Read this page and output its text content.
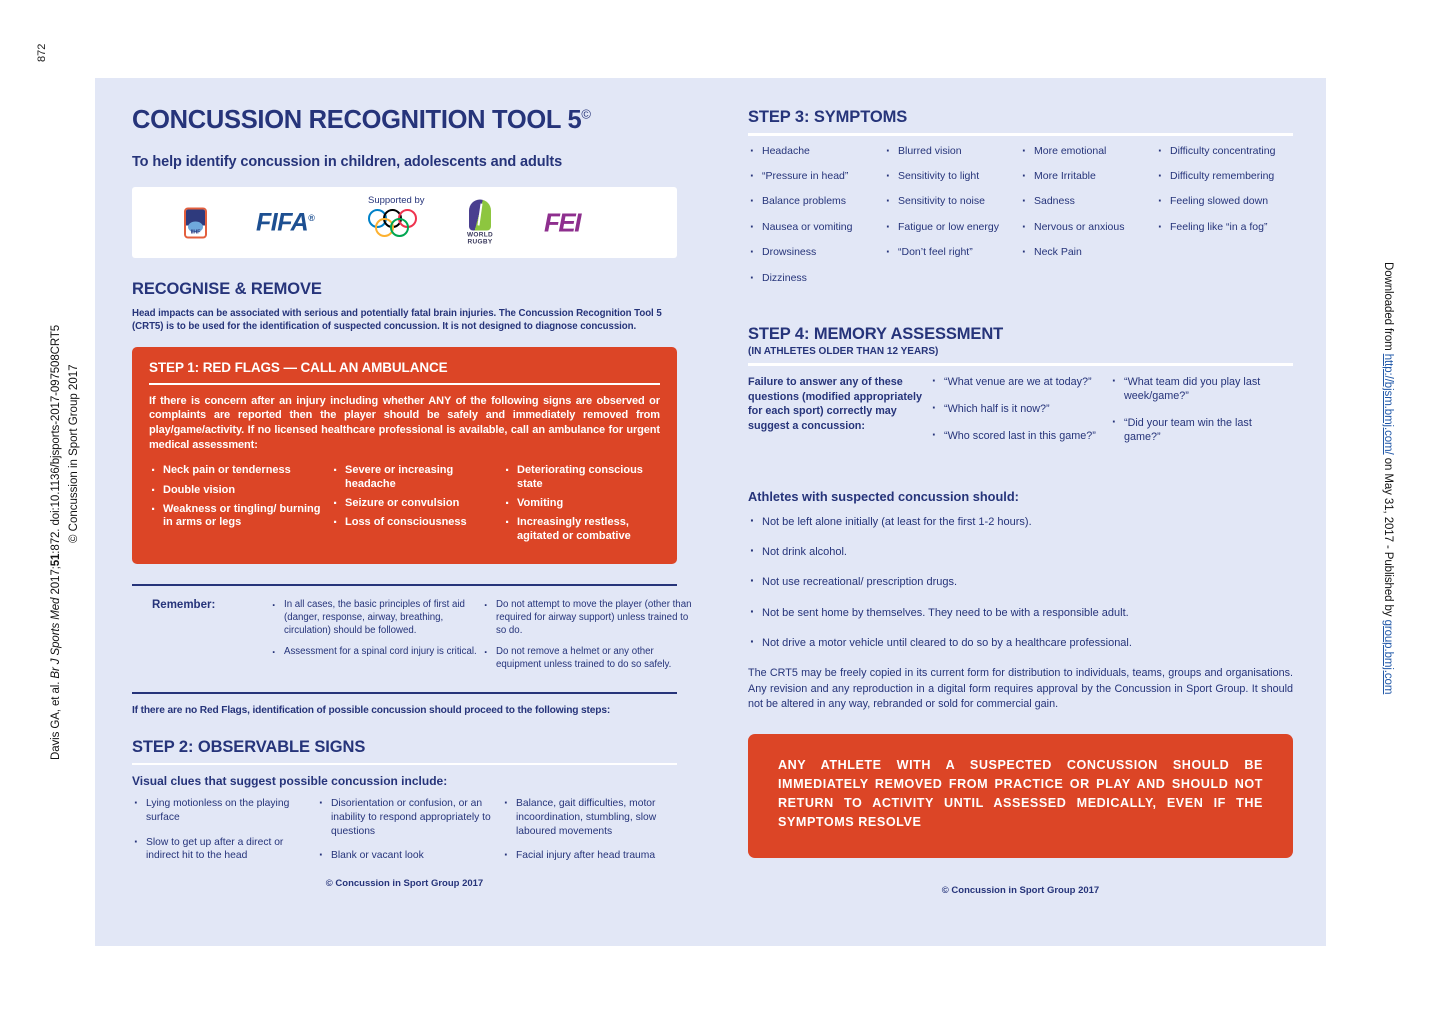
872
Davis GA, et al. Br J Sports Med 2017;51:872. doi:10.1136/bjsports-2017-097508CRT5 © Concussion in Sport Group 2017
Downloaded from http://bjsm.bmj.com/ on May 31, 2017 - Published by group.bmj.com
CONCUSSION RECOGNITION TOOL 5©
To help identify concussion in children, adolescents and adults
Supported by
IIHF FIFA®
WORLD
RUGBY
FEI
RECOGNISE & REMOVE
Head impacts can be associated with serious and potentially fatal brain injuries. The Concussion Recognition Tool 5 (CRT5) is to be used for the identification of suspected concussion. It is not designed to diagnose concussion.
STEP 1: RED FLAGS — CALL AN AMBULANCE
If there is concern after an injury including whether ANY of the following signs are observed or complaints are reported then the player should be safely and immediately removed from play/game/activity. If no licensed healthcare professional is available, call an ambulance for urgent medical assessment:
· Neck pain or tenderness
· Double vision
· Weakness or tingling/ burning in arms or legs
· Severe or increasing headache
· Seizure or convulsion
· Loss of consciousness
· Deteriorating conscious state
· Vomiting
· Increasingly restless, agitated or combative
Remember:	· In all cases, the basic principles of first aid (danger, response, airway, breathing, circulation) should be followed.
· Assessment for a spinal cord injury is critical.
· Do not attempt to move the player (other than required for airway support) unless trained to so do.
· Do not remove a helmet or any other equipment unless trained to do so safely.
If there are no Red Flags, identification of possible concussion should proceed to the following steps:
STEP 2: OBSERVABLE SIGNS
Visual clues that suggest possible concussion include:
· Lying motionless on the playing surface
· Slow to get up after a direct or indirect hit to the head
· Disorientation or confusion, or an inability to respond appropriately to questions
· Blank or vacant look
· Balance, gait difficulties, motor incoordination, stumbling, slow laboured movements
· Facial injury after head trauma
© Concussion in Sport Group 2017
STEP 3: SYMPTOMS
· Headache
· “Pressure in head”
· Balance problems
· Nausea or vomiting
· Drowsiness
· Dizziness
· Blurred vision
· Sensitivity to light
· Sensitivity to noise
· Fatigue or low energy
· “Don’t feel right”
· More emotional
· More Irritable
· Sadness
· Nervous or anxious
· Neck Pain
· Difficulty concentrating
· Difficulty remembering
· Feeling slowed down
· Feeling like “in a fog”
STEP 4: MEMORY ASSESSMENT
(IN ATHLETES OLDER THAN 12 YEARS)
Failure to answer any of these questions (modified appropriately for each sport) correctly may suggest a concussion:
· “What venue are we at today?”
· “Which half is it now?”
· “Who scored last in this game?”
· “What team did you play last week/game?”
· “Did your team win the last game?”
Athletes with suspected concussion should:
· Not be left alone initially (at least for the first 1-2 hours).
· Not drink alcohol.
· Not use recreational/ prescription drugs.
· Not be sent home by themselves. They need to be with a responsible adult.
· Not drive a motor vehicle until cleared to do so by a healthcare professional.
The CRT5 may be freely copied in its current form for distribution to individuals, teams, groups and organisations. Any revision and any reproduction in a digital form requires approval by the Concussion in Sport Group. It should not be altered in any way, rebranded or sold for commercial gain.

ANY ATHLETE WITH A SUSPECTED CONCUSSION SHOULD BE IMMEDIATELY REMOVED FROM PRACTICE OR PLAY AND SHOULD NOT RETURN TO ACTIVITY UNTIL ASSESSED MEDICALLY, EVEN IF THE SYMPTOMS RESOLVE

© Concussion in Sport Group 2017
